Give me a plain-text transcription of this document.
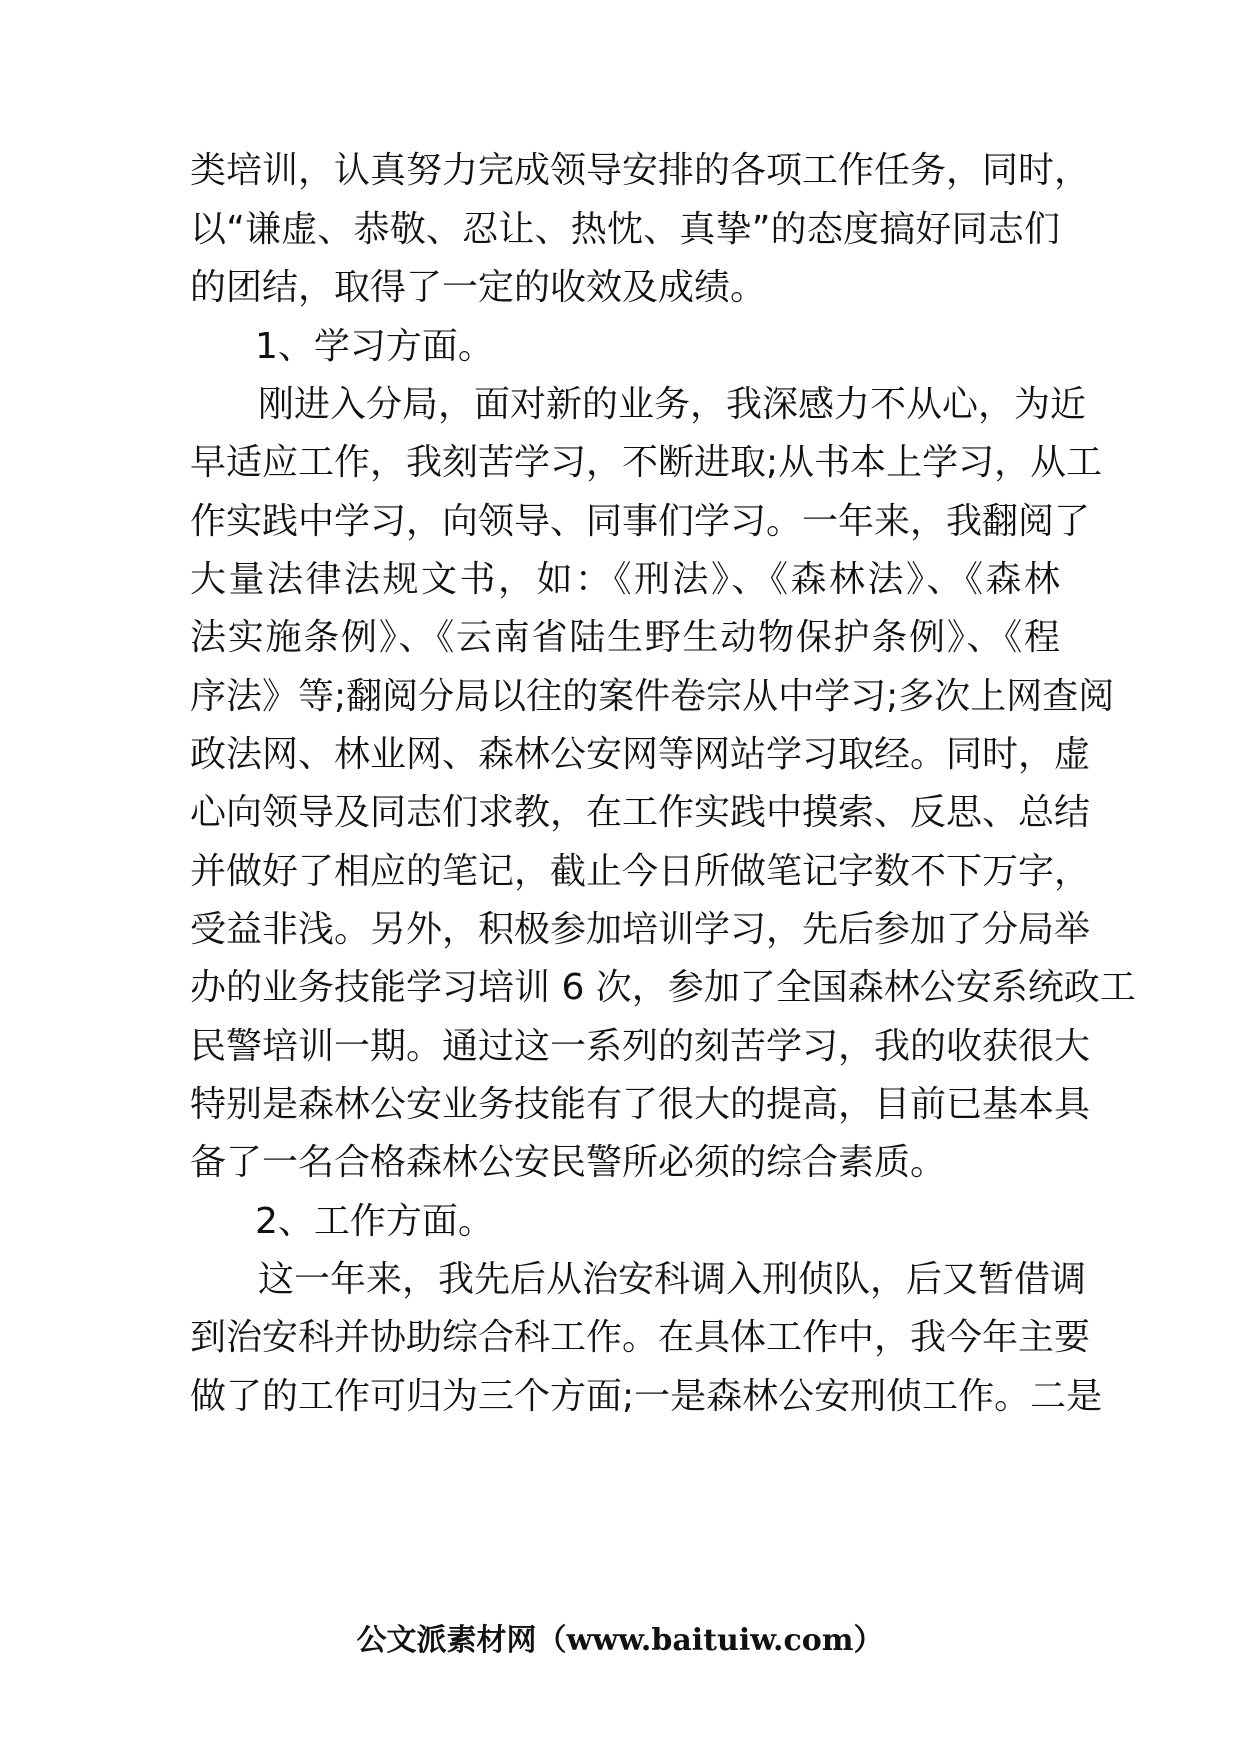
类培训，认真努力完成领导安排的各项工作任务，同时，
以“谦虚、恭敬、忍让、热忱、真挚”的态度搞好同志们
的团结，取得了一定的收效及成绩。
1、学习方面。
刚进入分局，面对新的业务，我深感力不从心，为近
早适应工作，我刻苦学习，不断进取;从书本上学习，从工
作实践中学习，向领导、同事们学习。一年来，我翻阅了
大量法律法规文书，如：《刑法》、《森林法》、《森林
法实施条例》、《云南省陆生野生动物保护条例》、《程
序法》等;翻阅分局以往的案件卷宗从中学习;多次上网查阅
政法网、林业网、森林公安网等网站学习取经。同时，虚
心向领导及同志们求教，在工作实践中摸索、反思、总结
并做好了相应的笔记，截止今日所做笔记字数不下万字，
受益非浅。另外，积极参加培训学习，先后参加了分局举
办的业务技能学习培训 6 次，参加了全国森林公安系统政工
民警培训一期。通过这一系列的刻苦学习，我的收获很大
特别是森林公安业务技能有了很大的提高，目前已基本具
备了一名合格森林公安民警所必须的综合素质。
2、工作方面。
这一年来，我先后从治安科调入刑侦队，后又暂借调
到治安科并协助综合科工作。在具体工作中，我今年主要
做了的工作可归为三个方面;一是森林公安刑侦工作。二是
公文派素材网（www.baituiw.com）
